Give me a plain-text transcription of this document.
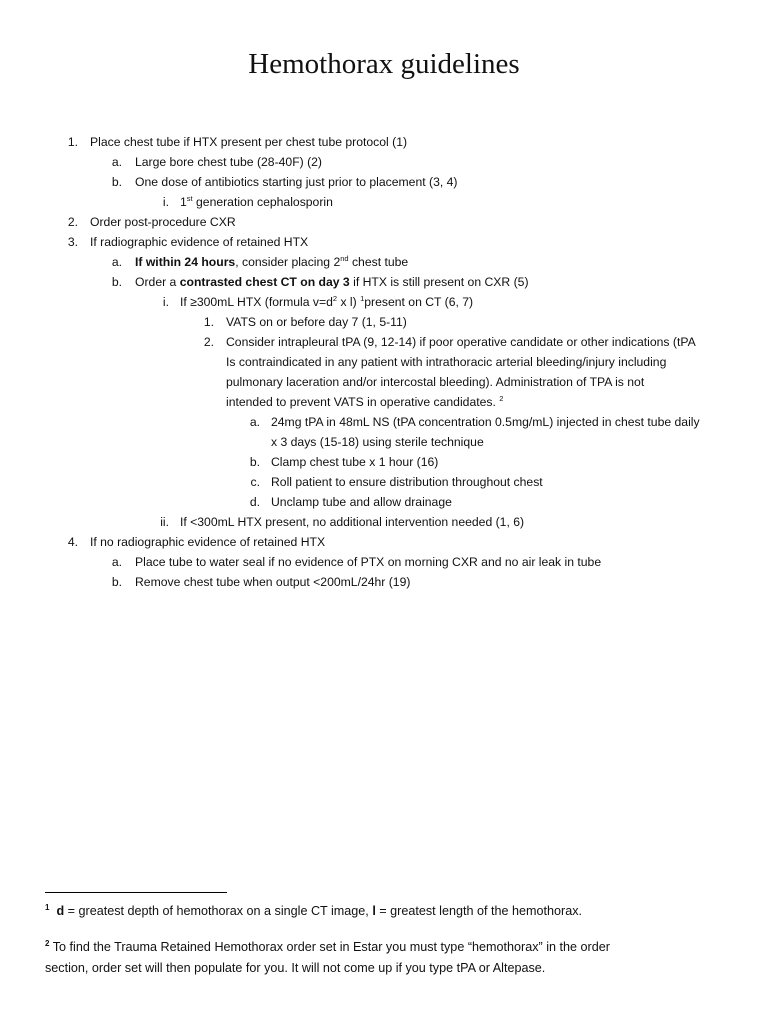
Hemothorax guidelines
1. Place chest tube if HTX present per chest tube protocol (1)
a. Large bore chest tube (28-40F) (2)
b. One dose of antibiotics starting just prior to placement (3, 4)
i. 1st generation cephalosporin
2. Order post-procedure CXR
3. If radiographic evidence of retained HTX
a. If within 24 hours, consider placing 2nd chest tube
b. Order a contrasted chest CT on day 3 if HTX is still present on CXR (5)
i. If ≥300mL HTX (formula $v=d^2$ x l) $^1$present on CT (6, 7)
1. VATS on or before day 7 (1, 5-11)
2. Consider intrapleural tPA (9, 12-14) if poor operative candidate or other indications (tPA
Is contraindicated in any patient with intrathoracic arterial bleeding/injury including
pulmonary laceration and/or intercostal bleeding). Administration of TPA is not
intended to prevent VATS in operative candidates. $^2$
a. 24mg tPA in 48mL NS (tPA concentration 0.5mg/mL) injected in chest tube daily
x 3 days (15-18) using sterile technique
b. Clamp chest tube x 1 hour (16)
c. Roll patient to ensure distribution throughout chest
d. Unclamp tube and allow drainage
ii. If <300mL HTX present, no additional intervention needed (1, 6)
4. If no radiographic evidence of retained HTX
a. Place tube to water seal if no evidence of PTX on morning CXR and no air leak in tube
b. Remove chest tube when output <200mL/24hr (19)
$^1$ d = greatest depth of hemothorax on a single CT image, l = greatest length of the hemothorax.
$^2$ To find the Trauma Retained Hemothorax order set in Estar you must type “hemothorax” in the order
section, order set will then populate for you. It will not come up if you type tPA or Altepase.
